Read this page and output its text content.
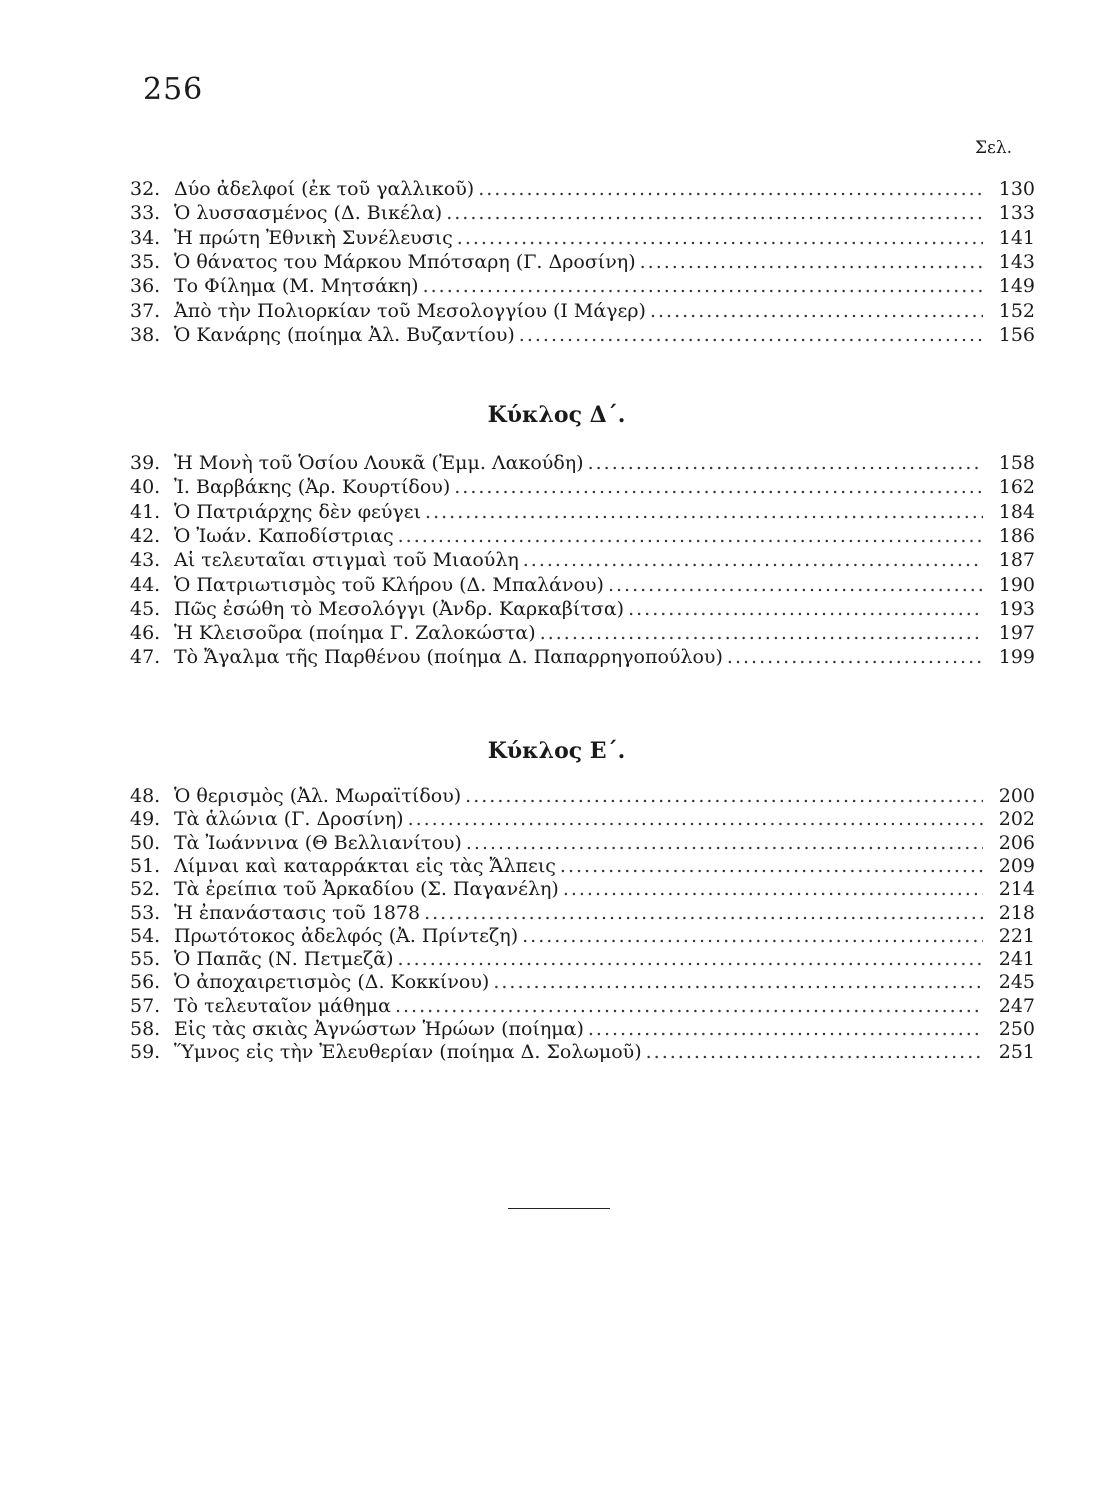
256
Σελ.
32. Δύο ἀδελφοί (ἐκ τοῦ γαλλικοῦ) .....	130
33. Ὁ λυσσασμένος (Δ. Βικέλα) .....	133
34. Ἡ πρώτη Ἐθνικὴ Συνέλευσις .....	141
35. Ὁ θάνατος του Μάρκου Μπότσαρη (Γ. Δροσίνη) .....	143
36. Το Φίλημα (Μ. Μητσάκη) .....	149
37. Ἀπὸ τὴν Πολιορκίαν τοῦ Μεσολογγίου (Ι Μάγερ) .....	152
38. Ὁ Κανάρης (ποίημα Ἀλ. Βυζαντίου) .....	156
Κύκλος Δ΄.
39. Ἡ Μονὴ τοῦ Ὁσίου Λουκᾶ (Ἐμμ. Λακούδη) .....	158
40. Ἰ. Βαρβάκης (Ἀρ. Κουρτίδου) .....	162
41. Ὁ Πατριάρχης δὲν φεύγει .....	184
42. Ὁ Ἰωάν. Καποδίστριας .....	186
43. Αἱ τελευταῖαι στιγμαὶ τοῦ Μιαούλη .....	187
44. Ὁ Πατριωτισμὸς τοῦ Κλήρου (Δ. Μπαλάνου) .....	190
45. Πῶς ἐσώθη τὸ Μεσολόγγι (Ἀνδρ. Καρκαβίτσα) .....	193
46. Ἡ Κλεισοῦρα (ποίημα Γ. Ζαλοκώστα) .....	197
47. Τὸ Ἄγαλμα τῆς Παρθένου (ποίημα Δ. Παπαρρηγοπούλου) .....	199
Κύκλος Ε΄.
48. Ὁ θερισμὸς (Ἀλ. Μωραϊτίδου) .....	200
49. Τὰ ἁλώνια (Γ. Δροσίνη) .....	202
50. Τὰ Ἰωάννινα (Θ Βελλιανίτου) .....	206
51. Λίμναι καὶ καταρράκται εἰς τὰς Ἄλπεις .....	209
52. Τὰ ἐρείπια τοῦ Ἀρκαδίου (Σ. Παγανέλη) .....	214
53. Ἡ ἐπανάστασις τοῦ 1878 .....	218
54. Πρωτότοκος ἀδελφός (Ἀ. Πρίντεζη) .....	221
55. Ὁ Παπᾶς (Ν. Πετμεζᾶ) .....	241
56. Ὁ ἀποχαιρετισμὸς (Δ. Κοκκίνου) .....	245
57. Τὸ τελευταῖον μάθημα .....	247
58. Εἰς τὰς σκιὰς Ἀγνώστων Ἡρώων (ποίημα) .....	250
59. Ὕμνος εἰς τὴν Ἐλευθερίαν (ποίημα Δ. Σολωμοῦ) .....	251
